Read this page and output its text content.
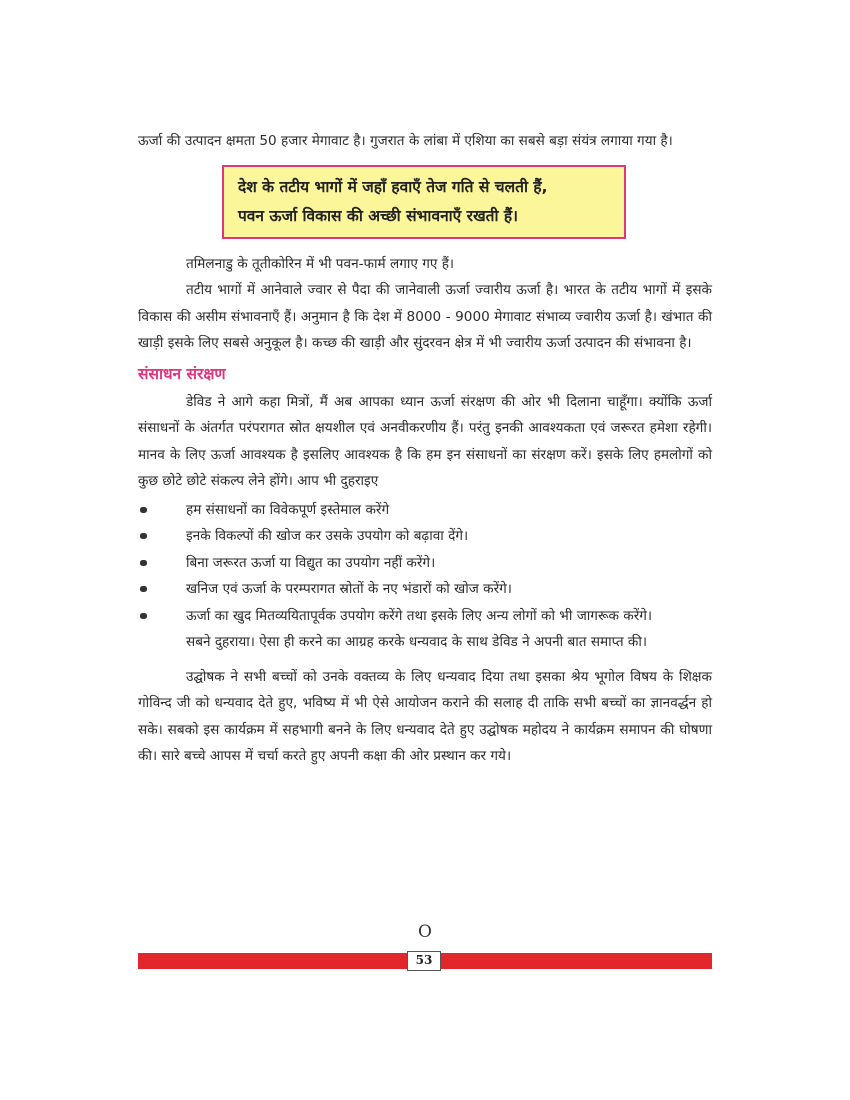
ऊर्जा की उत्पादन क्षमता 50 हजार मेगावाट है। गुजरात के लांबा में एशिया का सबसे बड़ा संयंत्र लगाया गया है।

देश के तटीय भागों में जहाँ हवाएँ तेज गति से चलती हैं,

पवन ऊर्जा विकास की अच्छी संभावनाएँ रखती हैं।

तमिलनाडु के तूतीकोरिन में भी पवन-फार्म लगाए गए हैं।

तटीय भागों में आनेवाले ज्वार से पैदा की जानेवाली ऊर्जा ज्वारीय ऊर्जा है। भारत के तटीय भागों में इसके विकास की असीम संभावनाएँ हैं। अनुमान है कि देश में 8000 - 9000 मेगावाट संभाव्य ज्वारीय ऊर्जा है। खंभात की खाड़ी इसके लिए सबसे अनुकूल है। कच्छ की खाड़ी और सुंदरवन क्षेत्र में भी ज्वारीय ऊर्जा उत्पादन की संभावना है।

संसाधन संरक्षण

डेविड ने आगे कहा मित्रों, मैं अब आपका ध्यान ऊर्जा संरक्षण की ओर भी दिलाना चाहूँगा। क्योंकि ऊर्जा संसाधनों के अंतर्गत परंपरागत स्रोत क्षयशील एवं अनवीकरणीय हैं। परंतु इनकी आवश्यकता एवं जरूरत हमेशा रहेगी। मानव के लिए ऊर्जा आवश्यक है इसलिए आवश्यक है कि हम इन संसाधनों का संरक्षण करें। इसके लिए हमलोगों को कुछ छोटे छोटे संकल्प लेने होंगे। आप भी दुहराइए

हम संसाधनों का विवेकपूर्ण इस्तेमाल करेंगे
इनके विकल्पों की खोज कर उसके उपयोग को बढ़ावा देंगे।
बिना जरूरत ऊर्जा या विद्युत का उपयोग नहीं करेंगे।
खनिज एवं ऊर्जा के परम्परागत स्रोतों के नए भंडारों को खोज करेंगे।
ऊर्जा का खुद मितव्ययितापूर्वक उपयोग करेंगे तथा इसके लिए अन्य लोगों को भी जागरूक करेंगे।

सबने दुहराया। ऐसा ही करने का आग्रह करके धन्यवाद के साथ डेविड ने अपनी बात समाप्त की।

उद्घोषक ने सभी बच्चों को उनके वक्तव्य के लिए धन्यवाद दिया तथा इसका श्रेय भूगोल विषय के शिक्षक गोविन्द जी को धन्यवाद देते हुए, भविष्य में भी ऐसे आयोजन कराने की सलाह दी ताकि सभी बच्चों का ज्ञानवर्द्धन हो सके। सबको इस कार्यक्रम में सहभागी बनने के लिए धन्यवाद देते हुए उद्घोषक महोदय ने कार्यक्रम समापन की घोषणा की। सारे बच्चे आपस में चर्चा करते हुए अपनी कक्षा की ओर प्रस्थान कर गये।

O
53
